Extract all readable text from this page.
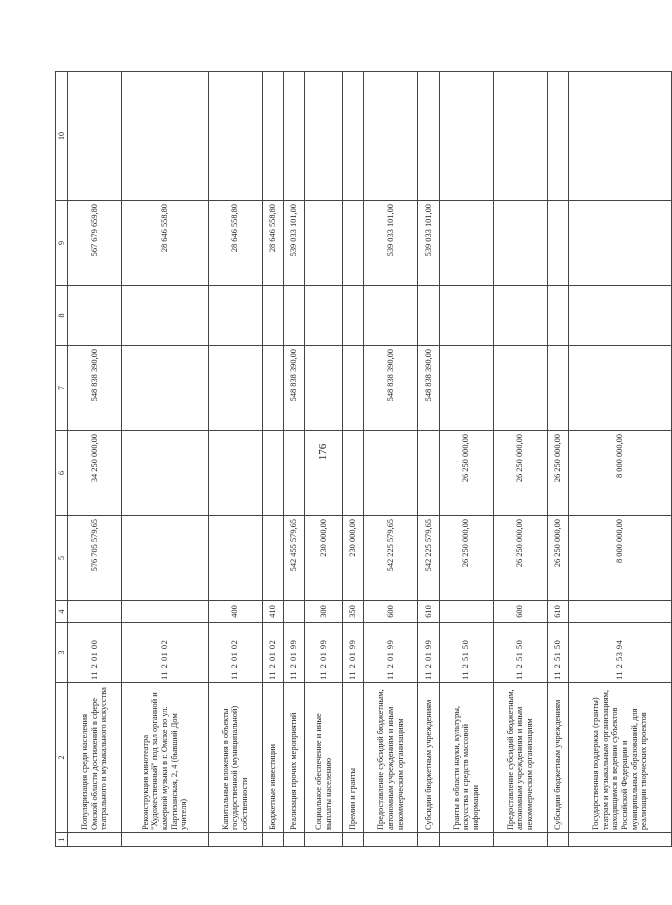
176
1	2	3	4	5	6	7	8	9	10
	Популяризация среди населения Омской области достижений в сфере театрального и музыкального искусства	11 2 01 00		576 705 579,65	34 250 000,00	548 838 390,00		567 679 659,80	
	Реконструкция кинотеатра "Художественный" под зал органной и камерной музыки в г. Омске по ул. Партизанская, 2, 4 (бывший Дом учителя)	11 2 01 02						28 646 558,80	
	Капитальные вложения в объекты государственной (муниципальной) собственности	11 2 01 02	400					28 646 558,80	
	Бюджетные инвестиции	11 2 01 02	410					28 646 558,80	
	Реализация прочих мероприятий	11 2 01 99		542 455 579,65		548 838 390,00		539 033 101,00	
	Социальное обеспечение и иные выплаты населению	11 2 01 99	300	230 000,00					
	Премии и гранты	11 2 01 99	350	230 000,00					
	Предоставление субсидий бюджетным, автономным учреждениям и иным некоммерческим организациям	11 2 01 99	600	542 225 579,65		548 838 390,00		539 033 101,00	
	Субсидии бюджетным учреждениям	11 2 01 99	610	542 225 579,65		548 838 390,00		539 033 101,00	
	Гранты в области науки, культуры, искусства и средств массовой информации	11 2 51 50		26 250 000,00	26 250 000,00				
	Предоставление субсидий бюджетным, автономным учреждениям и иным некоммерческим организациям	11 2 51 50	600	26 250 000,00	26 250 000,00				
	Субсидии бюджетным учреждениям	11 2 51 50	610	26 250 000,00	26 250 000,00				
	Государственная поддержка (гранты) театрам и музыкальным организациям, находящимся в ведении субъектов Российской Федерации и муниципальных образований, для реализации творческих проектов	11 2 53 94		8 000 000,00	8 000 000,00				
